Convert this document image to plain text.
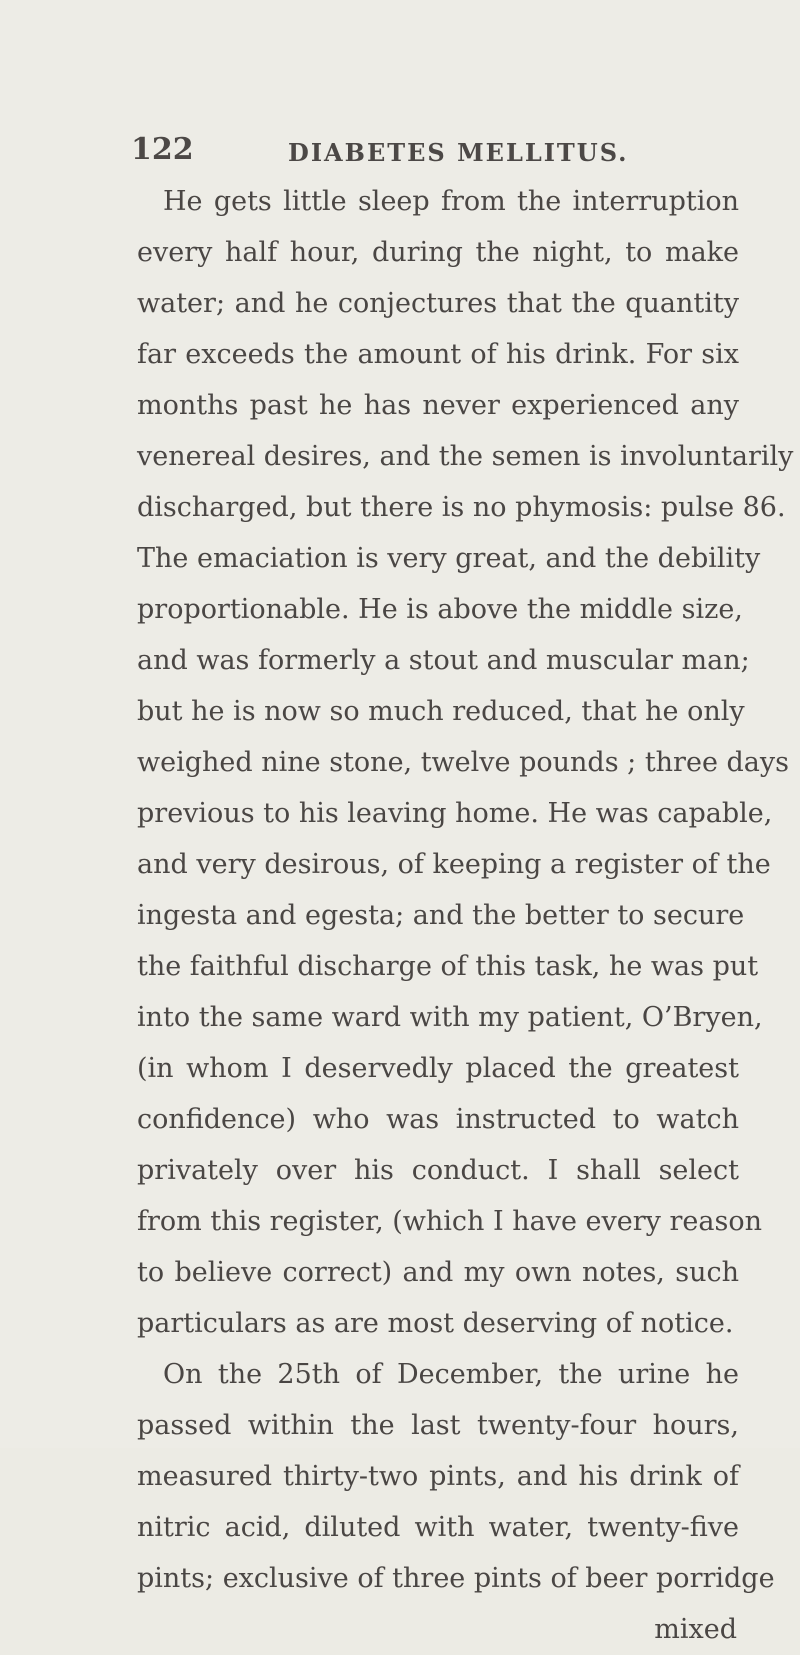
122	DIABETES MELLITUS.
He gets little sleep from the interruption
every half hour, during the night, to make
water; and he conjectures that the quantity
far exceeds the amount of his drink. For six
months past he has never experienced any
venereal desires, and the semen is involuntarily
discharged, but there is no phymosis: pulse 86.
The emaciation is very great, and the debility
proportionable. He is above the middle size,
and was formerly a stout and muscular man;
but he is now so much reduced, that he only
weighed nine stone, twelve pounds ; three days
previous to his leaving home. He was capable,
and very desirous, of keeping a register of the
ingesta and egesta; and the better to secure
the faithful discharge of this task, he was put
into the same ward with my patient, O’Bryen,
(in whom I deservedly placed the greatest
confidence) who was instructed to watch
privately over his conduct. I shall select
from this register, (which I have every reason
to believe correct) and my own notes, such
particulars as are most deserving of notice.
On the 25th of December, the urine he
passed within the last twenty-four hours,
measured thirty-two pints, and his drink of
nitric acid, diluted with water, twenty-five
pints; exclusive of three pints of beer porridge
mixed
